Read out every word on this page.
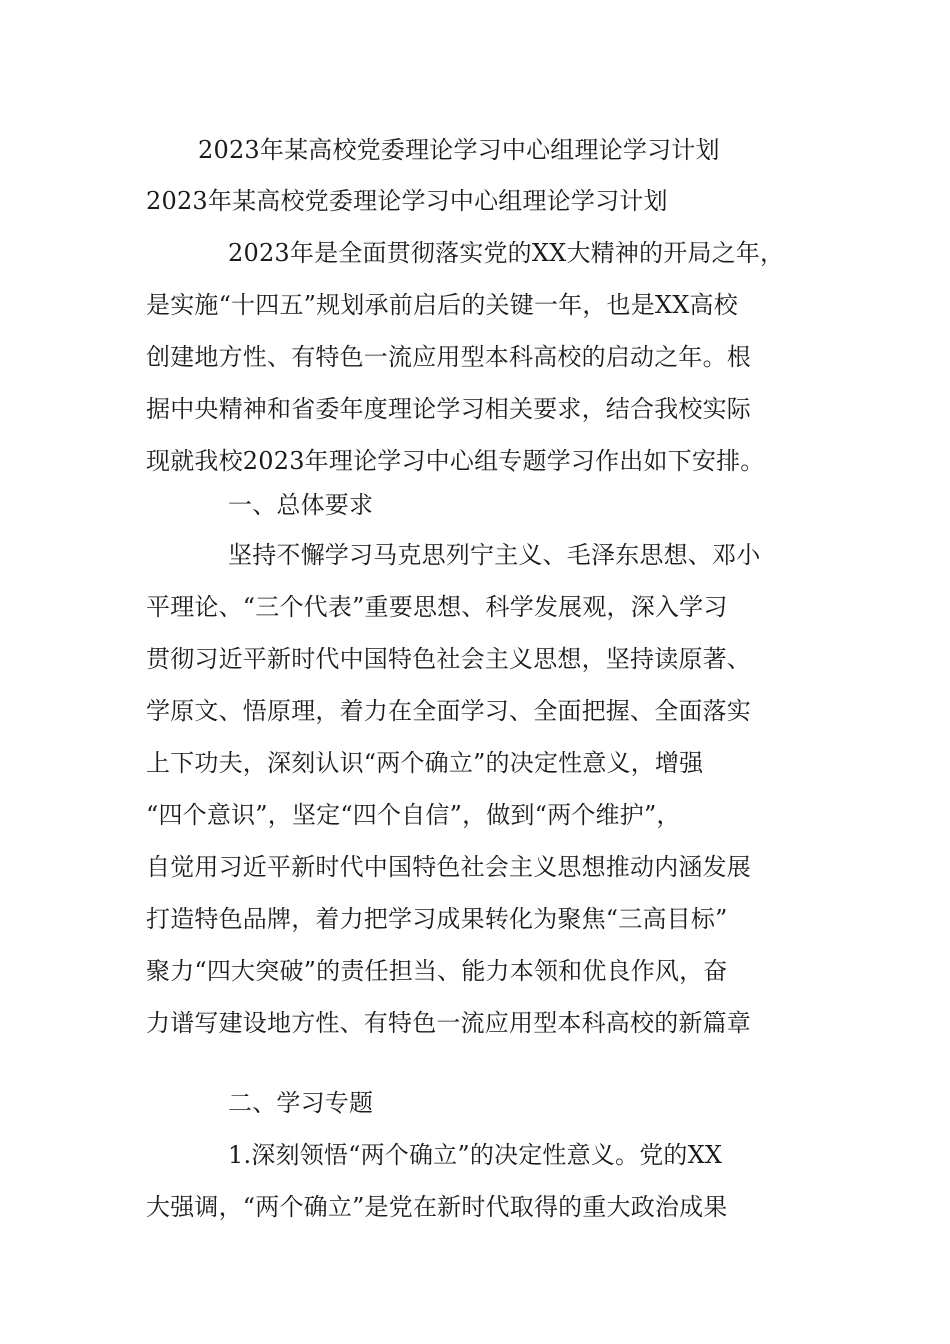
2023年某高校党委理论学习中心组理论学习计划
2023年某高校党委理论学习中心组理论学习计划
2023年是全面贯彻落实党的XX大精神的开局之年，
是实施“十四五”规划承前启后的关键一年，也是XX高校
创建地方性、有特色一流应用型本科高校的启动之年。根
据中央精神和省委年度理论学习相关要求，结合我校实际
现就我校2023年理论学习中心组专题学习作出如下安排。
一、总体要求
坚持不懈学习马克思列宁主义、毛泽东思想、邓小
平理论、“三个代表”重要思想、科学发展观，深入学习
贯彻习近平新时代中国特色社会主义思想，坚持读原著、
学原文、悟原理，着力在全面学习、全面把握、全面落实
上下功夫，深刻认识“两个确立”的决定性意义，增强
“四个意识”，坚定“四个自信”，做到“两个维护”，
自觉用习近平新时代中国特色社会主义思想推动内涵发展
打造特色品牌，着力把学习成果转化为聚焦“三高目标”
聚力“四大突破”的责任担当、能力本领和优良作风，奋
力谱写建设地方性、有特色一流应用型本科高校的新篇章
二、学习专题
1.深刻领悟“两个确立”的决定性意义。党的XX
大强调，“两个确立”是党在新时代取得的重大政治成果
